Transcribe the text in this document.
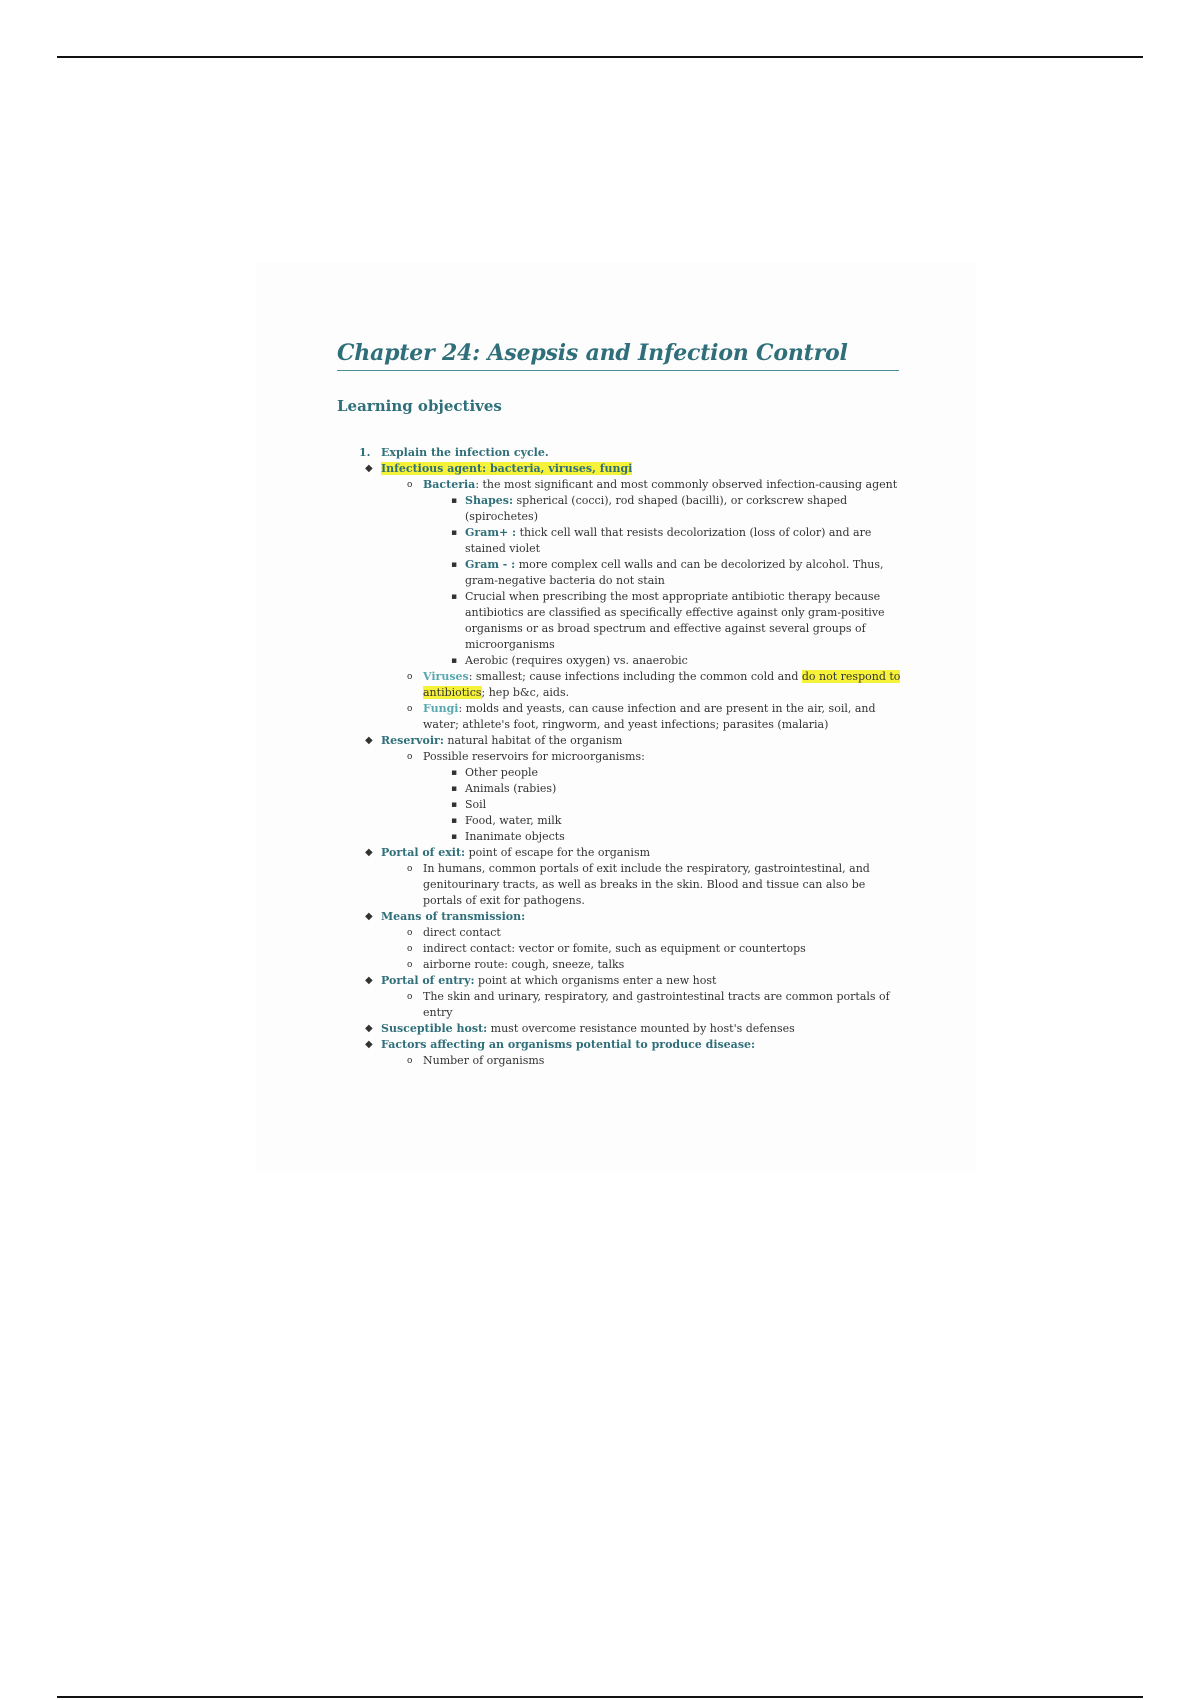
Chapter 24: Asepsis and Infection Control
Learning objectives
1. Explain the infection cycle.
◆ Infectious agent: bacteria, viruses, fungi
o Bacteria: the most significant and most commonly observed infection-causing agent
▪ Shapes: spherical (cocci), rod shaped (bacilli), or corkscrew shaped (spirochetes)
▪ Gram+ : thick cell wall that resists decolorization (loss of color) and are stained violet
▪ Gram - : more complex cell walls and can be decolorized by alcohol. Thus, gram-negative bacteria do not stain
▪ Crucial when prescribing the most appropriate antibiotic therapy because antibiotics are classified as specifically effective against only gram-positive organisms or as broad spectrum and effective against several groups of microorganisms
▪ Aerobic (requires oxygen) vs. anaerobic
o Viruses: smallest; cause infections including the common cold and do not respond to antibiotics; hep b&c, aids.
o Fungi: molds and yeasts, can cause infection and are present in the air, soil, and water; athlete's foot, ringworm, and yeast infections; parasites (malaria)
◆ Reservoir: natural habitat of the organism
o Possible reservoirs for microorganisms:
▪ Other people
▪ Animals (rabies)
▪ Soil
▪ Food, water, milk
▪ Inanimate objects
◆ Portal of exit: point of escape for the organism
o In humans, common portals of exit include the respiratory, gastrointestinal, and genitourinary tracts, as well as breaks in the skin. Blood and tissue can also be portals of exit for pathogens.
◆ Means of transmission:
o direct contact
o indirect contact: vector or fomite, such as equipment or countertops
o airborne route: cough, sneeze, talks
◆ Portal of entry: point at which organisms enter a new host
o The skin and urinary, respiratory, and gastrointestinal tracts are common portals of entry
◆ Susceptible host: must overcome resistance mounted by host's defenses
◆ Factors affecting an organisms potential to produce disease:
o Number of organisms
